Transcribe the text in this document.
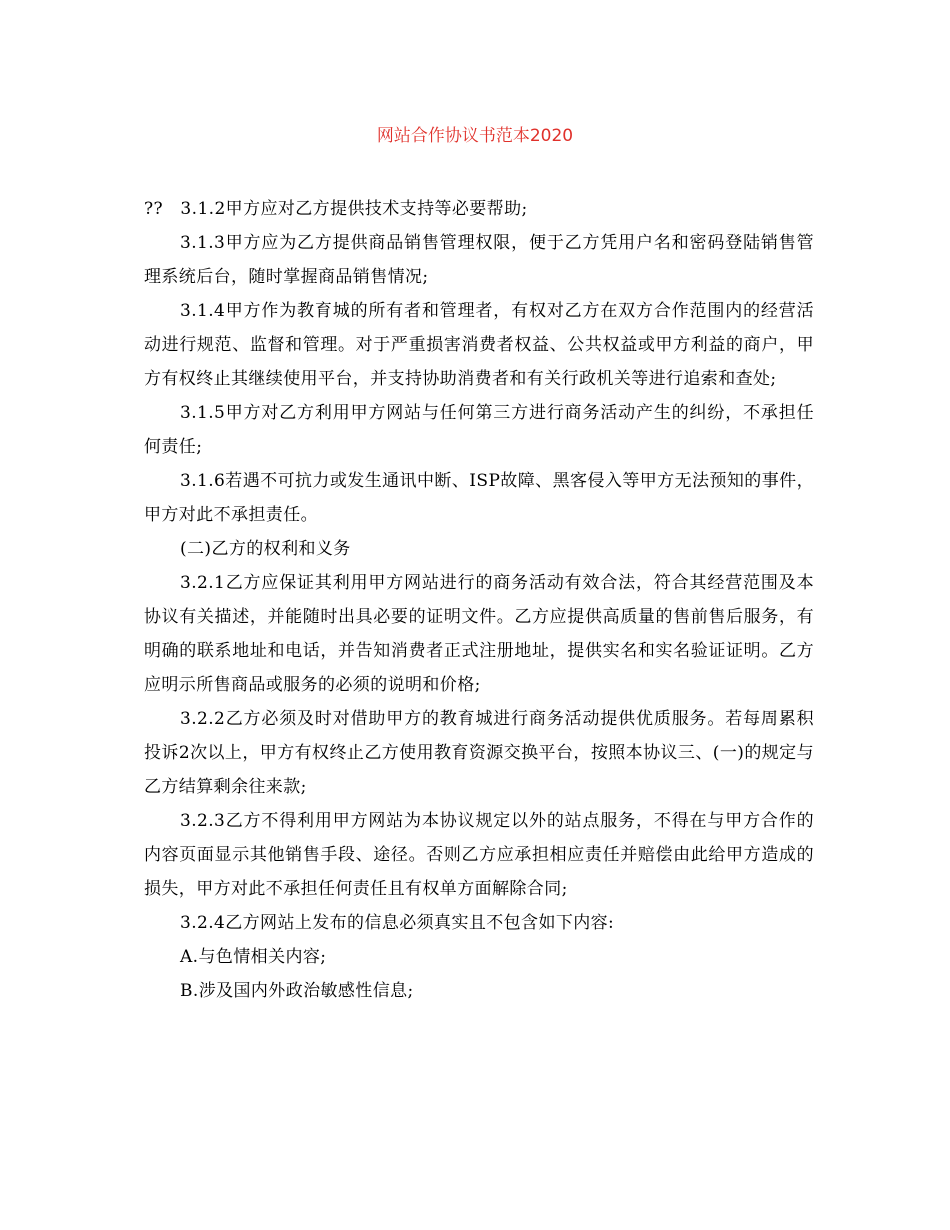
网站合作协议书范本2020

??　3.1.2甲方应对乙方提供技术支持等必要帮助;

3.1.3甲方应为乙方提供商品销售管理权限，便于乙方凭用户名和密码登陆销售管理系统后台，随时掌握商品销售情况;

3.1.4甲方作为教育城的所有者和管理者，有权对乙方在双方合作范围内的经营活动进行规范、监督和管理。对于严重损害消费者权益、公共权益或甲方利益的商户，甲方有权终止其继续使用平台，并支持协助消费者和有关行政机关等进行追索和查处;

3.1.5甲方对乙方利用甲方网站与任何第三方进行商务活动产生的纠纷，不承担任何责任;

3.1.6若遇不可抗力或发生通讯中断、ISP故障、黑客侵入等甲方无法预知的事件，甲方对此不承担责任。

(二)乙方的权利和义务

3.2.1乙方应保证其利用甲方网站进行的商务活动有效合法，符合其经营范围及本协议有关描述，并能随时出具必要的证明文件。乙方应提供高质量的售前售后服务，有明确的联系地址和电话，并告知消费者正式注册地址，提供实名和实名验证证明。乙方应明示所售商品或服务的必须的说明和价格;

3.2.2乙方必须及时对借助甲方的教育城进行商务活动提供优质服务。若每周累积投诉2次以上，甲方有权终止乙方使用教育资源交换平台，按照本协议三、(一)的规定与乙方结算剩余往来款;

3.2.3乙方不得利用甲方网站为本协议规定以外的站点服务，不得在与甲方合作的内容页面显示其他销售手段、途径。否则乙方应承担相应责任并赔偿由此给甲方造成的损失，甲方对此不承担任何责任且有权单方面解除合同;

3.2.4乙方网站上发布的信息必须真实且不包含如下内容:

A.与色情相关内容;

B.涉及国内外政治敏感性信息;
